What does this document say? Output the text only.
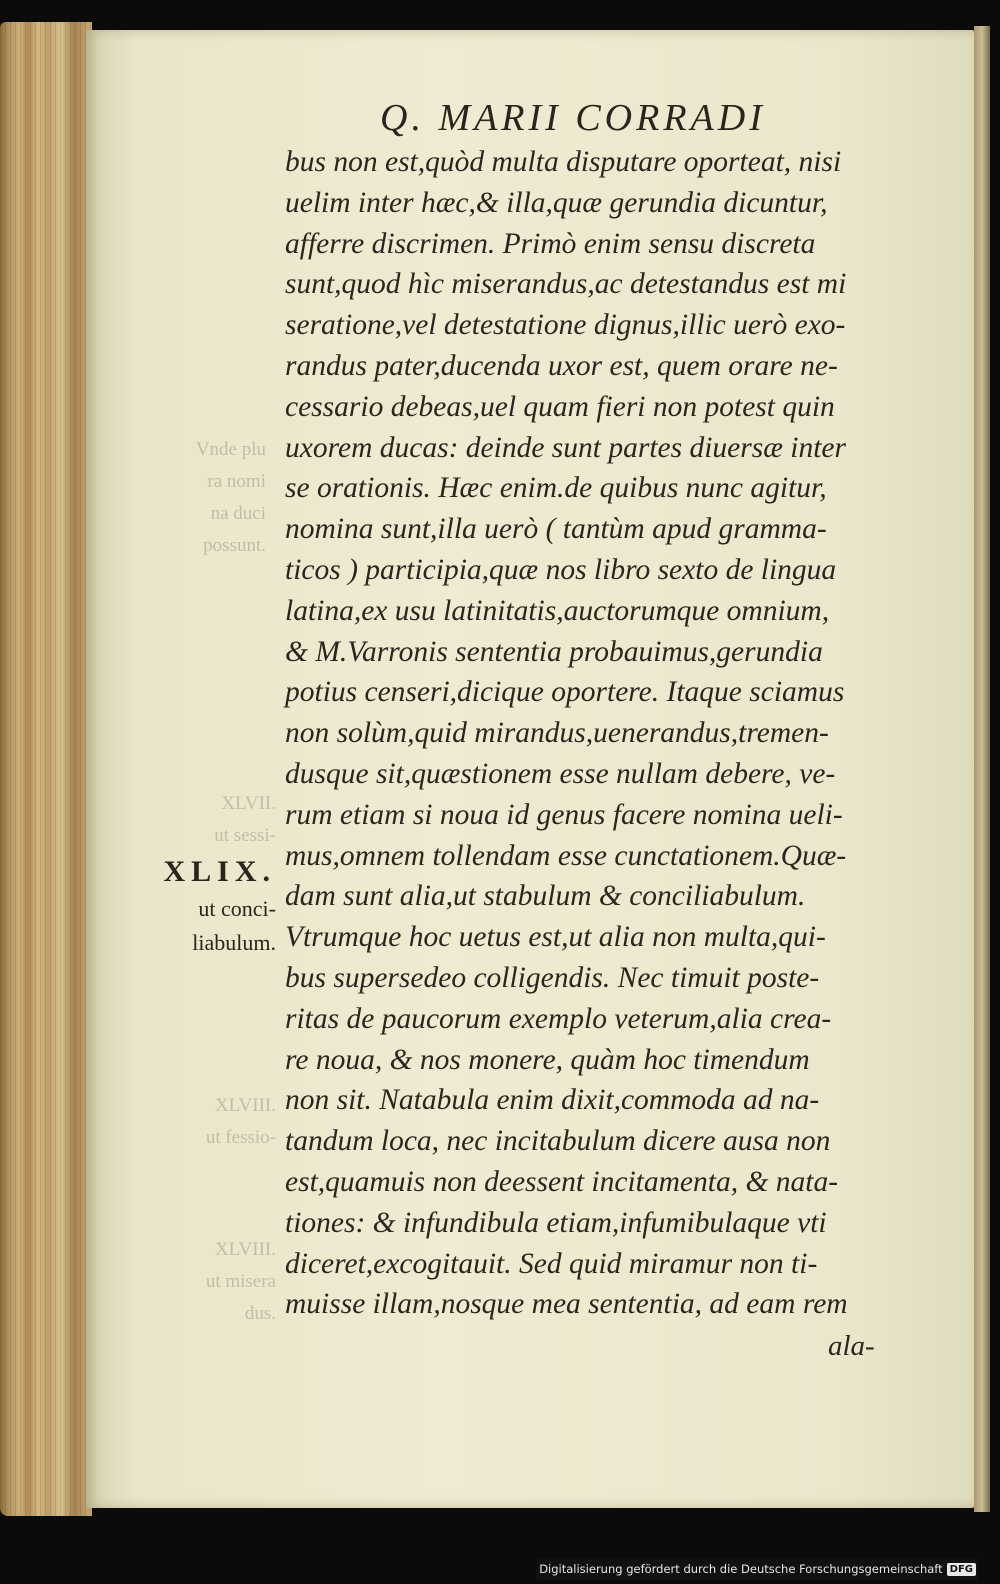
Vnde plu
ra nomi
na duci
possunt.
XLVII.
ut sessi-
XLVIII.
ut fessio-
XLVIII.
ut misera
dus.
Q. MARII CORRADI
bus non est,quòd multa disputare oporteat, nisi
uelim inter hæc,& illa,quæ gerundia dicuntur,
afferre discrimen. Primò enim sensu discreta
sunt,quod hìc miserandus,ac detestandus est mi
seratione,vel detestatione dignus,illic uerò exo-
randus pater,ducenda uxor est, quem orare ne-
cessario debeas,uel quam fieri non potest quin
uxorem ducas: deinde sunt partes diuersæ inter
se orationis. Hæc enim.de quibus nunc agitur,
nomina sunt,illa uerò ( tantùm apud gramma-
ticos ) participia,quæ nos libro sexto de lingua
latina,ex usu latinitatis,auctorumque omnium,
& M.Varronis sententia probauimus,gerundia
potius censeri,dicique oportere. Itaque sciamus
non solùm,quid mirandus,uenerandus,tremen-
dusque sit,quæstionem esse nullam debere, ve-
rum etiam si noua id genus facere nomina ueli-
mus,omnem tollendam esse cunctationem.Quæ-
dam sunt alia,ut stabulum & conciliabulum.
Vtrumque hoc uetus est,ut alia non multa,qui-
bus supersedeo colligendis. Nec timuit poste-
ritas de paucorum exemplo veterum,alia crea-
re noua, & nos monere, quàm hoc timendum
non sit. Natabula enim dixit,commoda ad na-
tandum loca, nec incitabulum dicere ausa non
est,quamuis non deessent incitamenta, & nata-
tiones: & infundibula etiam,infumibulaque vti
diceret,excogitauit. Sed quid miramur non ti-
muisse illam,nosque mea sententia, ad eam rem
ala-
XLIX.
ut conci-
liabulum.
Digitalisierung gefördert durch die Deutsche Forschungsgemeinschaft DFG
